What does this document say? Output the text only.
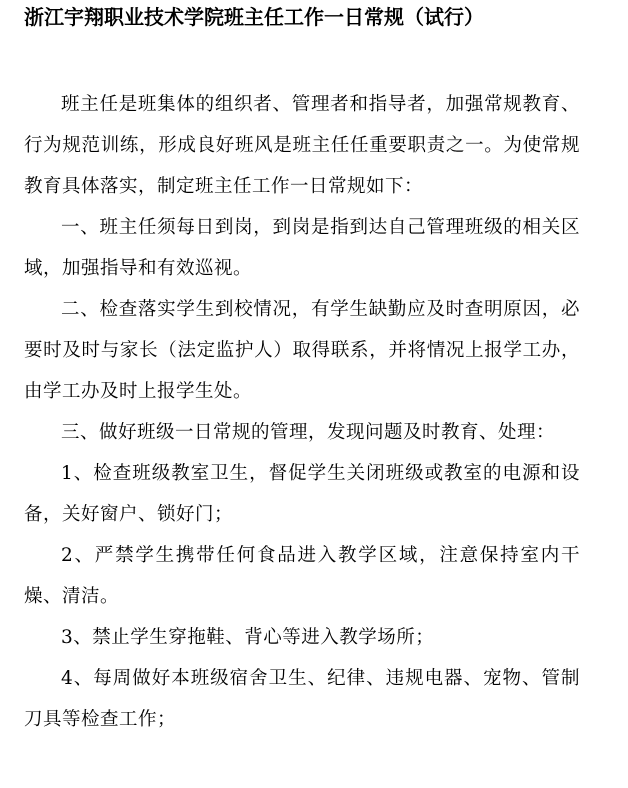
浙江宇翔职业技术学院班主任工作一日常规（试行）

班主任是班集体的组织者、管理者和指导者，加强常规教育、行为规范训练，形成良好班风是班主任任重要职责之一。为使常规教育具体落实，制定班主任工作一日常规如下：

一、班主任须每日到岗，到岗是指到达自己管理班级的相关区域，加强指导和有效巡视。

二、检查落实学生到校情况，有学生缺勤应及时查明原因，必要时及时与家长（法定监护人）取得联系，并将情况上报学工办，由学工办及时上报学生处。

三、做好班级一日常规的管理，发现问题及时教育、处理：

1、检查班级教室卫生，督促学生关闭班级或教室的电源和设备，关好窗户、锁好门；

2、严禁学生携带任何食品进入教学区域，注意保持室内干燥、清洁。

3、禁止学生穿拖鞋、背心等进入教学场所；

4、每周做好本班级宿舍卫生、纪律、违规电器、宠物、管制刀具等检查工作；
